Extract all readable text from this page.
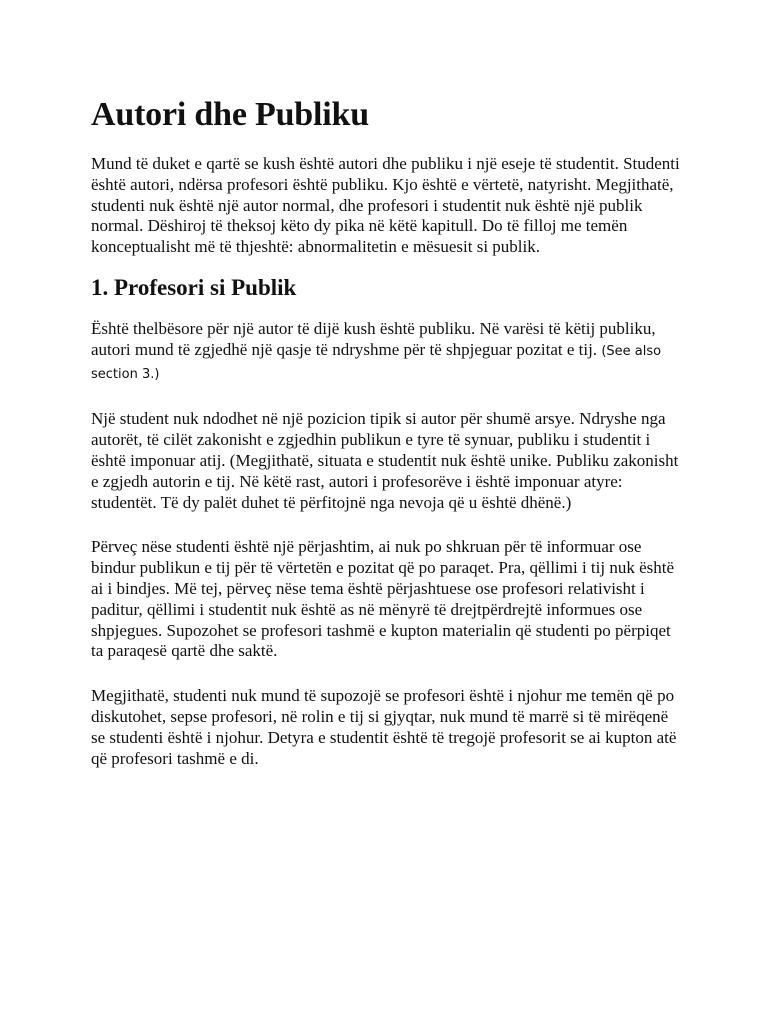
Autori dhe Publiku

Mund të duket e qartë se kush është autori dhe publiku i një eseje të studentit. Studenti është autori, ndërsa profesori është publiku. Kjo është e vërtetë, natyrisht. Megjithatë, studenti nuk është një autor normal, dhe profesori i studentit nuk është një publik normal. Dëshiroj të theksoj këto dy pika në këtë kapitull. Do të filloj me temën konceptualisht më të thjeshtë: abnormalitetin e mësuesit si publik.

1. Profesori si Publik

Është thelbësore për një autor të dijë kush është publiku. Në varësi të këtij publiku, autori mund të zgjedhë një qasje të ndryshme për të shpjeguar pozitat e tij. (See also section 3.)

Një student nuk ndodhet në një pozicion tipik si autor për shumë arsye. Ndryshe nga autorët, të cilët zakonisht e zgjedhin publikun e tyre të synuar, publiku i studentit i është imponuar atij. (Megjithatë, situata e studentit nuk është unike. Publiku zakonisht e zgjedh autorin e tij. Në këtë rast, autori i profesorëve i është imponuar atyre: studentët. Të dy palët duhet të përfitojnë nga nevoja që u është dhënë.)

Përveç nëse studenti është një përjashtim, ai nuk po shkruan për të informuar ose bindur publikun e tij për të vërtetën e pozitat që po paraqet. Pra, qëllimi i tij nuk është ai i bindjes. Më tej, përveç nëse tema është përjashtuese ose profesori relativisht i paditur, qëllimi i studentit nuk është as në mënyrë të drejtpërdrejtë informues ose shpjegues. Supozohet se profesori tashmë e kupton materialin që studenti po përpiqet ta paraqesë qartë dhe saktë.

Megjithatë, studenti nuk mund të supozojë se profesori është i njohur me temën që po diskutohet, sepse profesori, në rolin e tij si gjyqtar, nuk mund të marrë si të mirëqenë se studenti është i njohur. Detyra e studentit është të tregojë profesorit se ai kupton atë që profesori tashmë e di.
